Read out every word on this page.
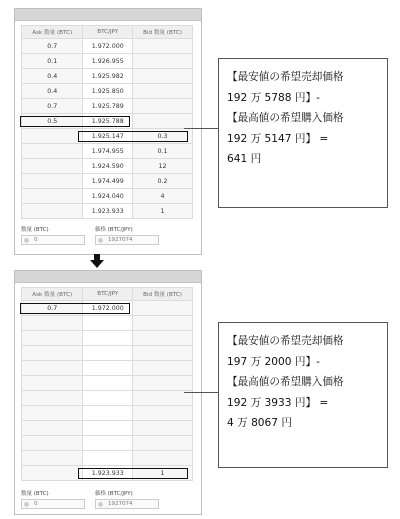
Ask 数量 (BTC)	BTC/JPY	Bid 数量 (BTC)
0.7	1.972.000	
0.1	1.926.955	
0.4	1.925.982	
0.4	1.925.850	
0.7	1.925.789	
0.5	1.925.788	
	1.925.147	0.3
	1.974.955	0.1
	1.924.590	12
	1.974.499	0.2
	1.924.040	4
	1.923.933	1
数量 (BTC)	価格 (BTC/JPY)
0	1927074
【最安値の希望売却価格
192 万 5788 円】-
【最高値の希望購入価格
192 万 5147 円】 =
641 円
Ask 数量 (BTC)	BTC/JPY	Bid 数量 (BTC)
0.7	1.972.000	

	1.923.933	1
数量 (BTC)	価格 (BTC/JPY)
0	1927074
【最安値の希望売却価格
197 万 2000 円】-
【最高値の希望購入価格
192 万 3933 円】 =
4 万 8067 円
